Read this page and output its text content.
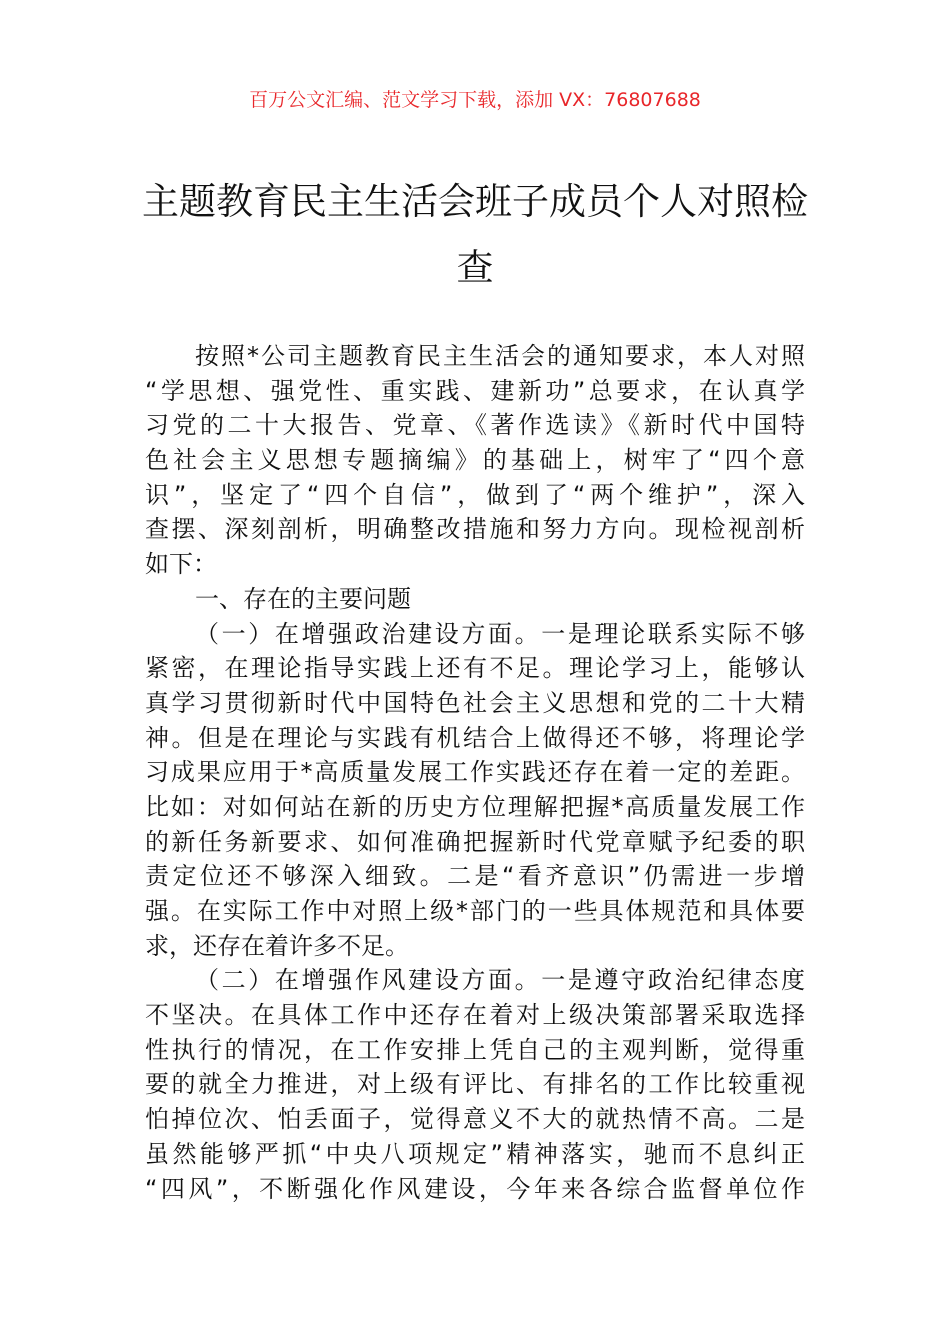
百万公文汇编、范文学习下载，添加 VX：76807688
主题教育民主生活会班子成员个人对照检
查
按照*公司主题教育民主生活会的通知要求，本人对照
“学思想、强党性、重实践、建新功”总要求，在认真学
习党的二十大报告、党章、《著作选读》《新时代中国特
色社会主义思想专题摘编》的基础上，树牢了“四个意
识”，坚定了“四个自信”，做到了“两个维护”，深入
查摆、深刻剖析，明确整改措施和努力方向。现检视剖析
如下：
一、存在的主要问题
（一）在增强政治建设方面。一是理论联系实际不够
紧密，在理论指导实践上还有不足。理论学习上，能够认
真学习贯彻新时代中国特色社会主义思想和党的二十大精
神。但是在理论与实践有机结合上做得还不够，将理论学
习成果应用于*高质量发展工作实践还存在着一定的差距。
比如：对如何站在新的历史方位理解把握*高质量发展工作
的新任务新要求、如何准确把握新时代党章赋予纪委的职
责定位还不够深入细致。二是“看齐意识”仍需进一步增
强。在实际工作中对照上级*部门的一些具体规范和具体要
求，还存在着许多不足。
（二）在增强作风建设方面。一是遵守政治纪律态度
不坚决。在具体工作中还存在着对上级决策部署采取选择
性执行的情况，在工作安排上凭自己的主观判断，觉得重
要的就全力推进，对上级有评比、有排名的工作比较重视
怕掉位次、怕丢面子，觉得意义不大的就热情不高。二是
虽然能够严抓“中央八项规定”精神落实，驰而不息纠正
“四风”，不断强化作风建设，今年来各综合监督单位作
